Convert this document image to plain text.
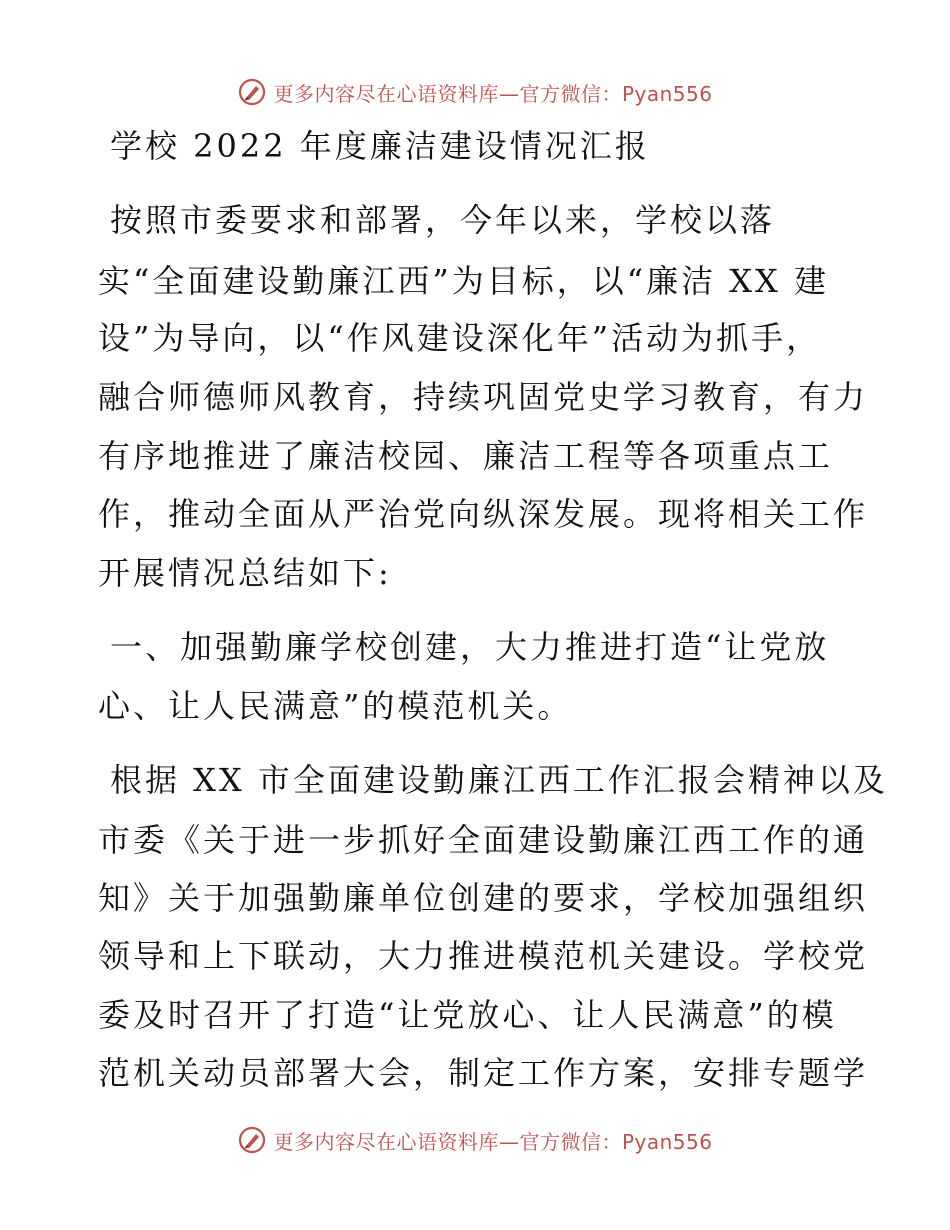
更多内容尽在心语资料库—官方微信：Pyan556
学校 2022 年度廉洁建设情况汇报
按照市委要求和部署，今年以来，学校以落
实“全面建设勤廉江西”为目标，以“廉洁 XX 建
设”为导向，以“作风建设深化年”活动为抓手，
融合师德师风教育，持续巩固党史学习教育，有力
有序地推进了廉洁校园、廉洁工程等各项重点工
作，推动全面从严治党向纵深发展。现将相关工作
开展情况总结如下:
一、加强勤廉学校创建，大力推进打造“让党放
心、让人民满意”的模范机关。
根据 XX 市全面建设勤廉江西工作汇报会精神以及
市委《关于进一步抓好全面建设勤廉江西工作的通
知》关于加强勤廉单位创建的要求，学校加强组织
领导和上下联动，大力推进模范机关建设。学校党
委及时召开了打造“让党放心、让人民满意”的模
范机关动员部署大会，制定工作方案，安排专题学
更多内容尽在心语资料库—官方微信：Pyan556
